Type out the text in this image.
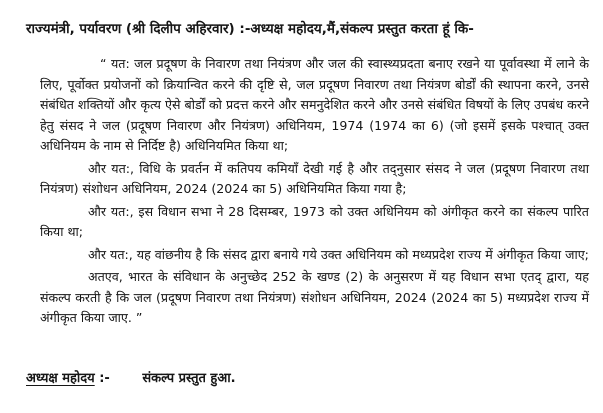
राज्यमंत्री, पर्यावरण (श्री दिलीप अहिरवार) :-अध्यक्ष महोदय,मैं,संकल्प प्रस्तुत करता हूं कि-

“ यत: जल प्रदूषण के निवारण तथा नियंत्रण और जल की स्वास्थ्यप्रदता बनाए रखने या पूर्वावस्था में लाने के लिए, पूर्वोक्त प्रयोजनों को क्रियान्वित करने की दृष्टि से, जल प्रदूषण निवारण तथा नियंत्रण बोर्डों की स्थापना करने, उनसे संबंधित शक्तियों और कृत्य ऐसे बोर्डों को प्रदत्त करने और समनुदेशित करने और उनसे संबंधित विषयों के लिए उपबंध करने हेतु संसद ने जल (प्रदूषण निवारण और नियंत्रण) अधिनियम, 1974 (1974 का 6) (जो इसमें इसके पश्चात् उक्त अधिनियम के नाम से निर्दिष्ट है) अधिनियमित किया था;

और यत:, विधि के प्रवर्तन में कतिपय कमियाँ देखी गई है और तद्नुसार संसद ने जल (प्रदूषण निवारण तथा नियंत्रण) संशोधन अधिनियम, 2024 (2024 का 5) अधिनियमित किया गया है;

और यत:, इस विधान सभा ने 28 दिसम्बर, 1973 को उक्त अधिनियम को अंगीकृत करने का संकल्प पारित किया था;

और यत:, यह वांछनीय है कि संसद द्वारा बनाये गये उक्त अधिनियम को मध्यप्रदेश राज्य में अंगीकृत किया जाए;

अतएव, भारत के संविधान के अनुच्छेद 252 के खण्ड (2) के अनुसरण में यह विधान सभा एतद् द्वारा, यह संकल्प करती है कि जल (प्रदूषण निवारण तथा नियंत्रण) संशोधन अधिनियम, 2024 (2024 का 5) मध्यप्रदेश राज्य में अंगीकृत किया जाए. ”

अध्यक्ष महोदय :-	संकल्प प्रस्तुत हुआ.
